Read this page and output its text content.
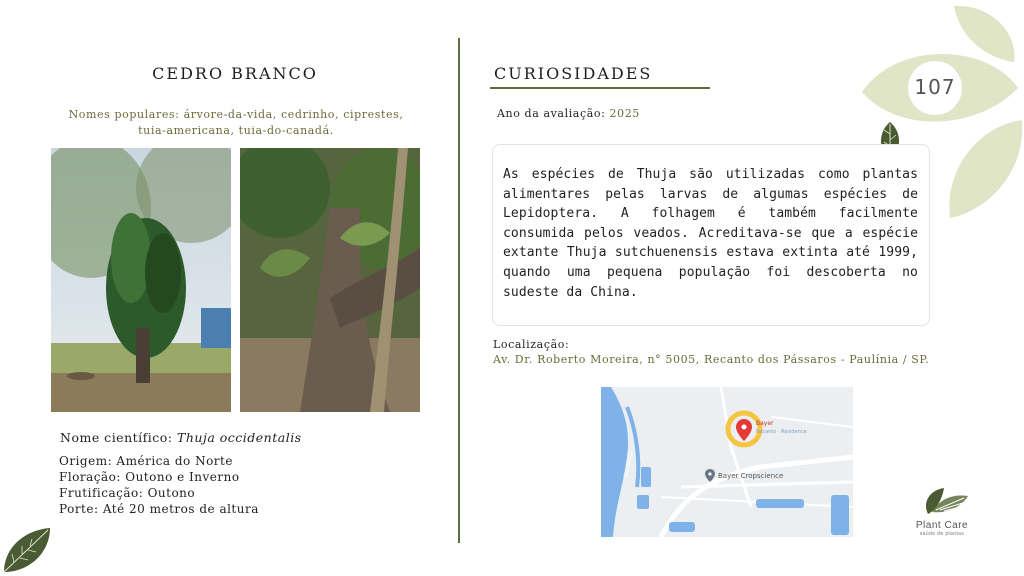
107
CEDRO BRANCO
Nomes populares: árvore-da-vida, cedrinho, ciprestes,
tuia-americana, tuia-do-canadá.
Nome científico: Thuja occidentalis
Origem: América do Norte
Floração: Outono e Inverno
Frutificação: Outono
Porte: Até 20 metros de altura
CURIOSIDADES
Ano da avaliação: 2025

As espécies de Thuja são utilizadas como plantas alimentares pelas larvas de algumas espécies de Lepidoptera. A folhagem é também facilmente consumida pelos veados. Acreditava-se que a espécie extante Thuja sutchuenensis estava extinta até 1999, quando uma pequena população foi descoberta no sudeste da China.

Localização:
Av. Dr. Roberto Moreira, n° 5005, Recanto dos Pássaros - Paulínia / SP.
Bayer
Recanto · Residence
Bayer Cropscience
Rio Atibaia
Plant Care
saúde de plantas
